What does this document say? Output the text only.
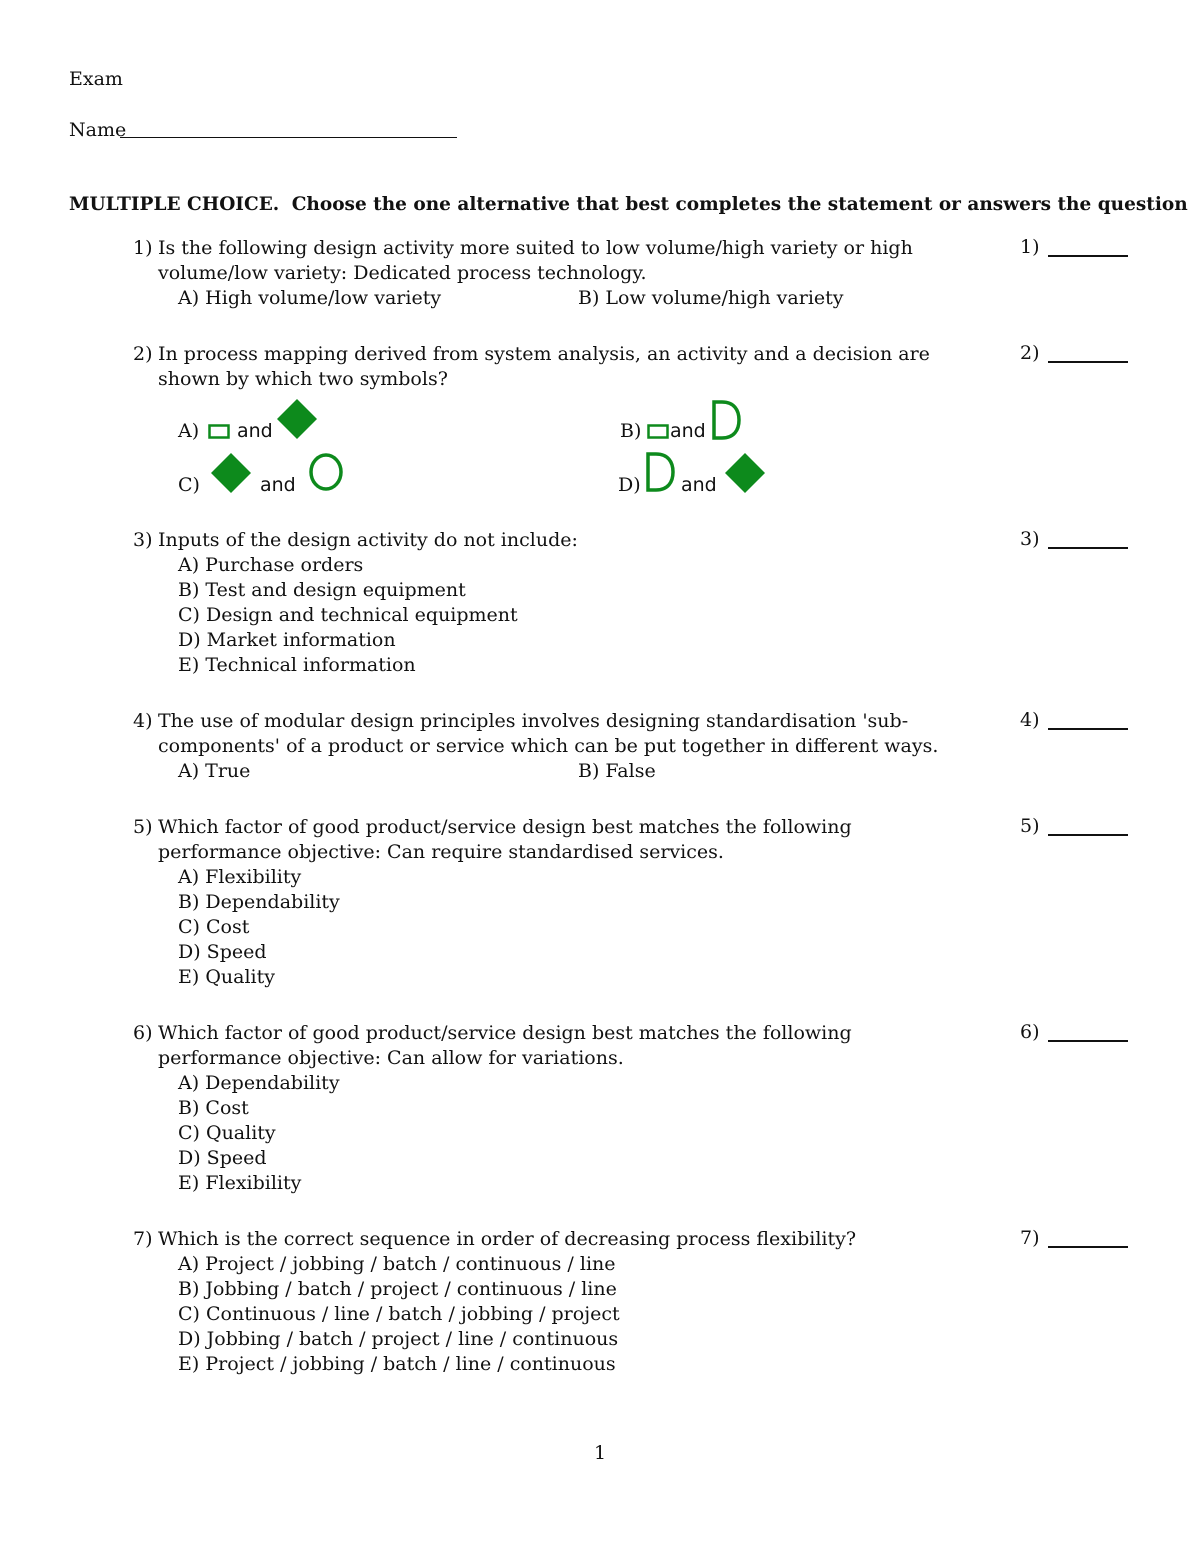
Exam
Name
MULTIPLE CHOICE. Choose the one alternative that best completes the statement or answers the question
1) Is the following design activity more suited to low volume/high variety or high volume/low variety: Dedicated process technology.
A) High volume/low variety	B) Low volume/high variety
1)
2) In process mapping derived from system analysis, an activity and a decision are shown by which two symbols?
2)
A) and	B) and
C)	and	D) and
3) Inputs of the design activity do not include:
A) Purchase orders
B) Test and design equipment
C) Design and technical equipment
D) Market information
E) Technical information
3)
4) The use of modular design principles involves designing standardisation 'sub-components' of a product or service which can be put together in different ways.
A) True	B) False
4)
5) Which factor of good product/service design best matches the following performance objective: Can require standardised services.
A) Flexibility
B) Dependability
C) Cost
D) Speed
E) Quality
5)
6) Which factor of good product/service design best matches the following performance objective: Can allow for variations.
A) Dependability
B) Cost
C) Quality
D) Speed
E) Flexibility
6)
7) Which is the correct sequence in order of decreasing process flexibility?
A) Project / jobbing / batch / continuous / line
B) Jobbing / batch / project / continuous / line
C) Continuous / line / batch / jobbing / project
D) Jobbing / batch / project / line / continuous
E) Project / jobbing / batch / line / continuous
7)
1
